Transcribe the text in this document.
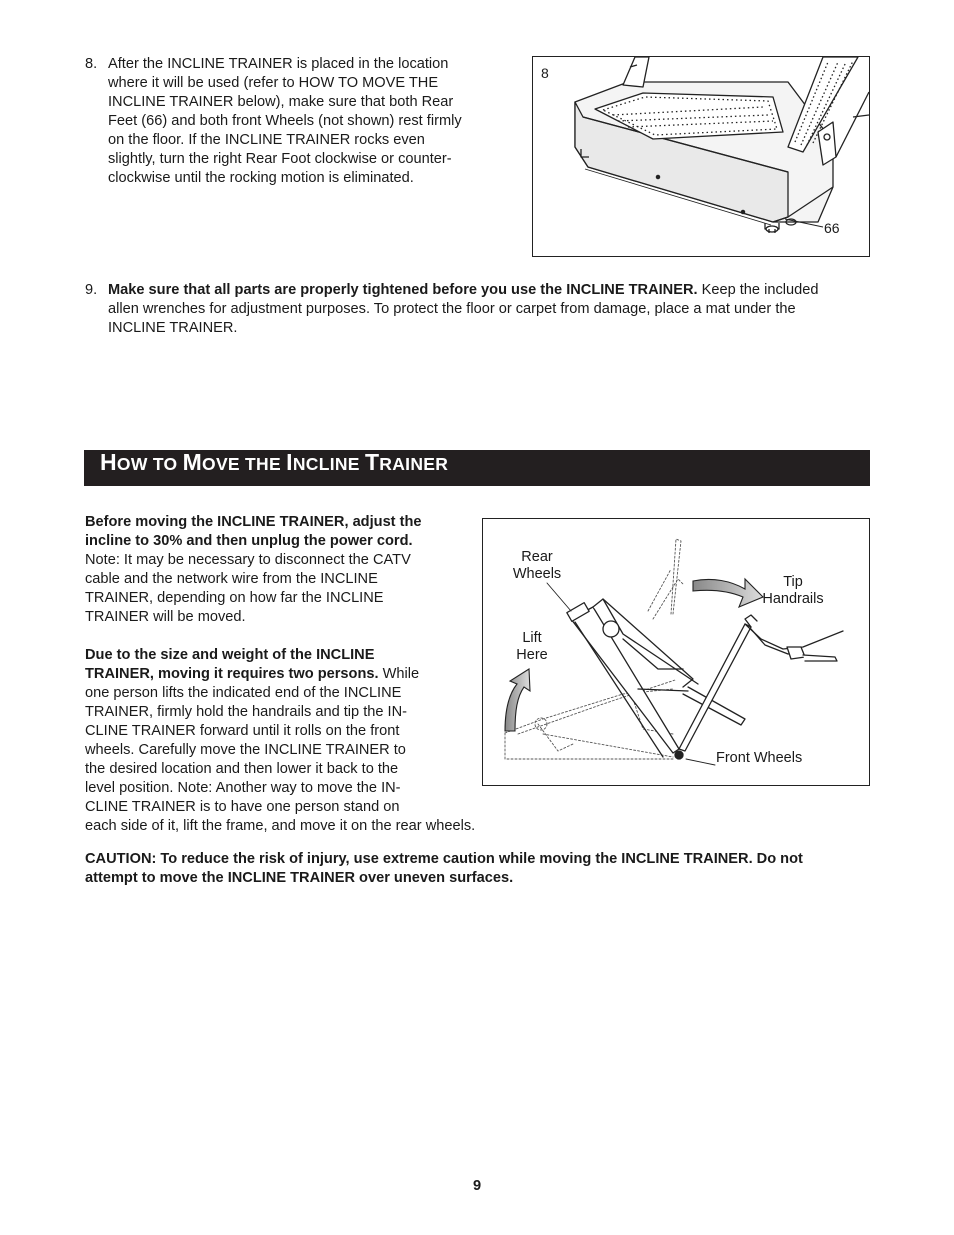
8. After the INCLINE TRAINER is placed in the location

where it will be used (refer to HOW TO MOVE THE

INCLINE TRAINER below), make sure that both Rear

Feet (66) and both front Wheels (not shown) rest firmly

on the floor. If the INCLINE TRAINER rocks even

slightly, turn the right Rear Foot clockwise or counter-

clockwise until the rocking motion is eliminated.

8
66
9. Make sure that all parts are properly tightened before you use the INCLINE TRAINER. Keep the included

allen wrenches for adjustment purposes. To protect the floor or carpet from damage, place a mat under the

INCLINE TRAINER.

HOW TO MOVE THE INCLINE TRAINER

Before moving the INCLINE TRAINER, adjust the

incline to 30% and then unplug the power cord.

Note: It may be necessary to disconnect the CATV

cable and the network wire from the INCLINE

TRAINER, depending on how far the INCLINE

TRAINER will be moved.

Due to the size and weight of the INCLINE

TRAINER, moving it requires two persons. While

one person lifts the indicated end of the INCLINE

TRAINER, firmly hold the handrails and tip the IN-

CLINE TRAINER forward until it rolls on the front

wheels. Carefully move the INCLINE TRAINER to

the desired location and then lower it back to the

level position. Note: Another way to move the IN-

CLINE TRAINER is to have one person stand on

each side of it, lift the frame, and move it on the rear wheels.

Rear
Wheels	Tip
Handrails
Lift
Here
Front Wheels

CAUTION: To reduce the risk of injury, use extreme caution while moving the INCLINE TRAINER. Do not

attempt to move the INCLINE TRAINER over uneven surfaces.

9
